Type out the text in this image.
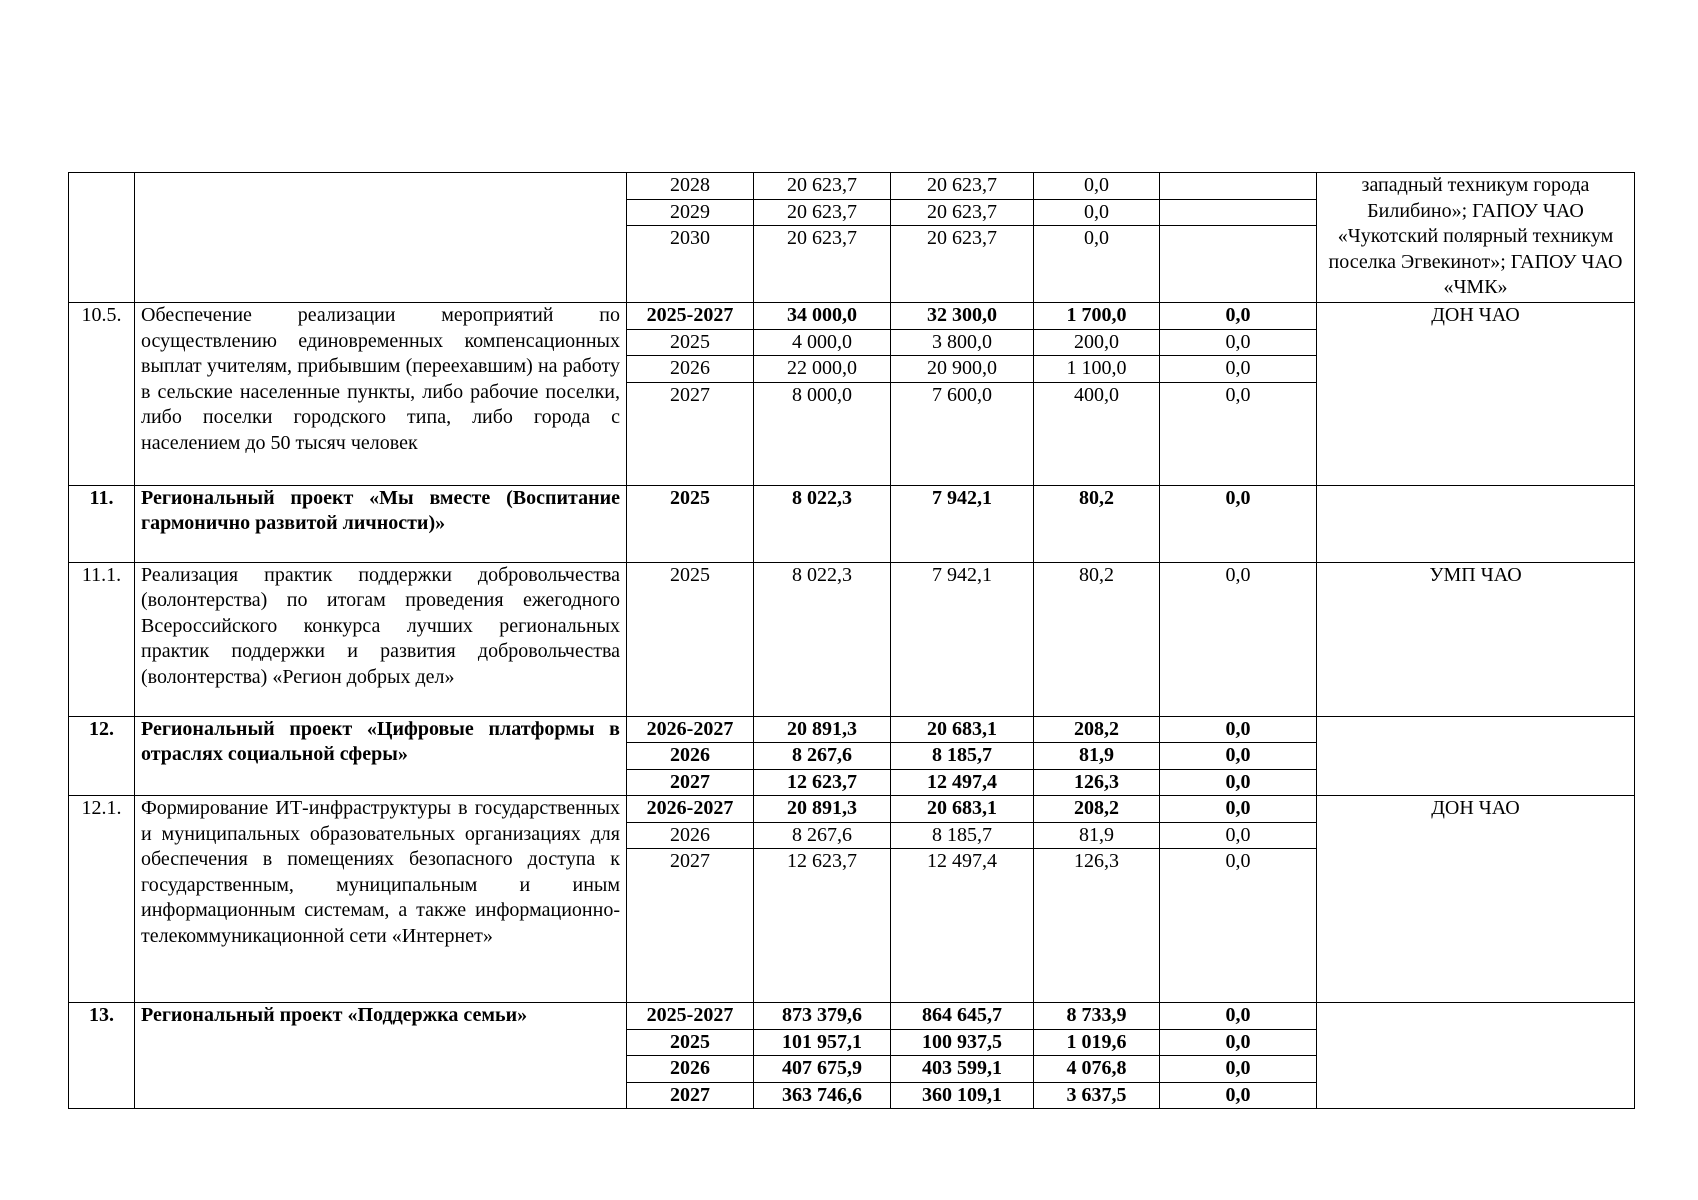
		2028	20 623,7	20 623,7	0,0		западный техникум города Билибино»; ГАПОУ ЧАО «Чукотский полярный техникум поселка Эгвекинот»; ГАПОУ ЧАО «ЧМК»
		2029	20 623,7	20 623,7	0,0		
		2030	20 623,7	20 623,7	0,0		
10.5.	Обеспечение реализации мероприятий по осуществлению единовременных компенсационных выплат учителям, прибывшим (переехавшим) на работу в сельские населенные пункты, либо рабочие поселки, либо поселки городского типа, либо города с населением до 50 тысяч человек	2025-2027	34 000,0	32 300,0	1 700,0	0,0	ДОН ЧАО
		2025	4 000,0	3 800,0	200,0	0,0	
		2026	22 000,0	20 900,0	1 100,0	0,0	
		2027	8 000,0	7 600,0	400,0	0,0	
11.	Региональный проект «Мы вместе (Воспитание гармонично развитой личности)»	2025	8 022,3	7 942,1	80,2	0,0	
11.1.	Реализация практик поддержки добровольчества (волонтерства) по итогам проведения ежегодного Всероссийского конкурса лучших региональных практик поддержки и развития добровольчества (волонтерства) «Регион добрых дел»	2025	8 022,3	7 942,1	80,2	0,0	УМП ЧАО
12.	Региональный проект «Цифровые платформы в отраслях социальной сферы»	2026-2027	20 891,3	20 683,1	208,2	0,0	
		2026	8 267,6	8 185,7	81,9	0,0	
		2027	12 623,7	12 497,4	126,3	0,0	
12.1.	Формирование ИТ-инфраструктуры в государственных и муниципальных образовательных организациях для обеспечения в помещениях безопасного доступа к государственным, муниципальным и иным информационным системам, а также информационно-телекоммуникационной сети «Интернет»	2026-2027	20 891,3	20 683,1	208,2	0,0	ДОН ЧАО
		2026	8 267,6	8 185,7	81,9	0,0	
		2027	12 623,7	12 497,4	126,3	0,0	
13.	Региональный проект «Поддержка семьи»	2025-2027	873 379,6	864 645,7	8 733,9	0,0	
		2025	101 957,1	100 937,5	1 019,6	0,0	
		2026	407 675,9	403 599,1	4 076,8	0,0	
		2027	363 746,6	360 109,1	3 637,5	0,0	
